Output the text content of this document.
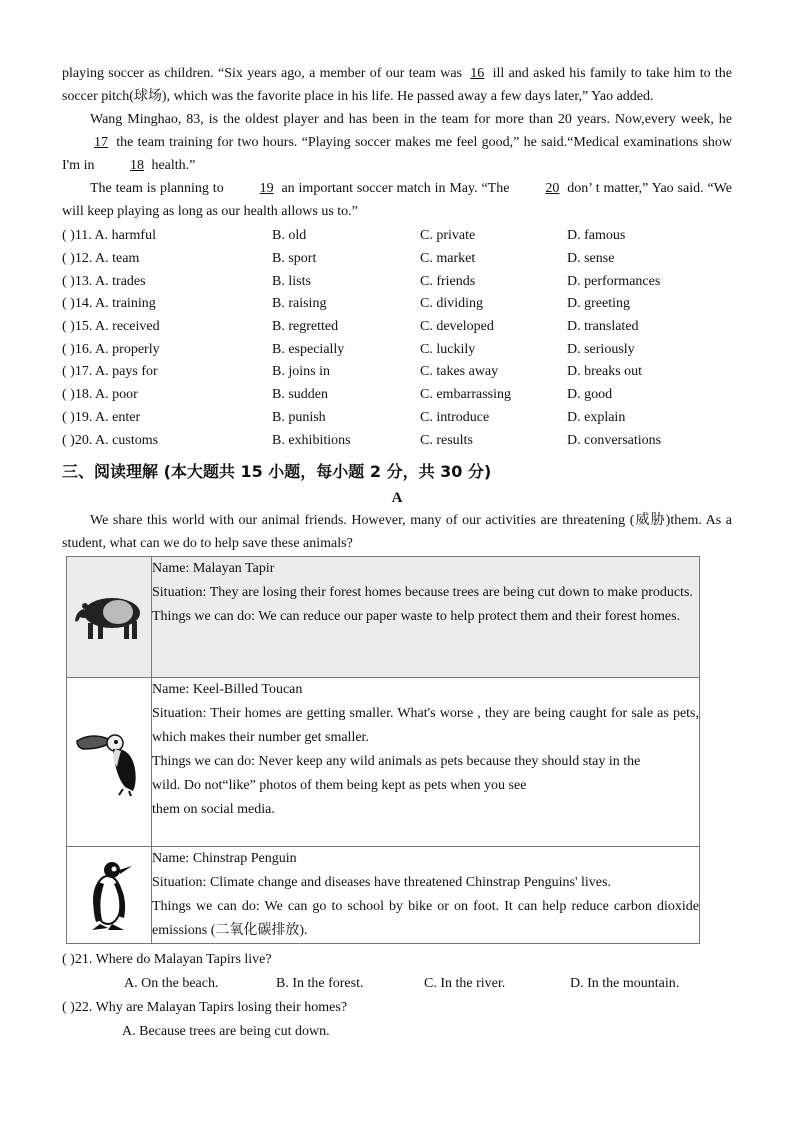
playing soccer as children. “Six years ago, a member of our team was 16 ill and asked his family to take him to the soccer pitch(球场), which was the favorite place in his life. He passed away a few days later,” Yao added.

Wang Minghao, 83, is the oldest player and has been in the team for more than 20 years. Now,every week, he 17 the team training for two hours. “Playing soccer makes me feel good,” he said.“Medical examinations show I'm in 18 health.”

The team is planning to 19 an important soccer match in May. “The 20 don’ t matter,” Yao said. “We will keep playing as long as our health allows us to.”

( )11. A. harmful	B. old	C. private	D. famous
( )12. A. team	B. sport	C. market	D. sense
( )13. A. trades	B. lists	C. friends	D. performances
( )14. A. training	B. raising	C. dividing	D. greeting
( )15. A. received	B. regretted	C. developed	D. translated
( )16. A. properly	B. especially	C. luckily	D. seriously
( )17. A. pays for	B. joins in	C. takes away	D. breaks out
( )18. A. poor	B. sudden	C. embarrassing	D. good
( )19. A. enter	B. punish	C. introduce	D. explain
( )20. A. customs	B. exhibitions	C. results	D. conversations
三、阅读理解 (本大题共 15 小题，每小题 2 分，共 30 分)
A

We share this world with our animal friends. However, many of our activities are threatening (威胁)them. As a student, what can we do to help save these animals?

Name: Malayan Tapir

Situation: They are losing their forest homes because trees are being cut down to make products.

Things we can do: We can reduce our paper waste to help protect them and their forest homes.

Name: Keel-Billed Toucan

Situation: Their homes are getting smaller. What's worse , they are being caught for sale as pets, which makes their number get smaller.

Things we can do: Never keep any wild animals as pets because they should stay in the

wild. Do not“like” photos of them being kept as pets when you see

them on social media.

Name: Chinstrap Penguin

Situation: Climate change and diseases have threatened Chinstrap Penguins' lives.

Things we can do: We can go to school by bike or on foot. It can help reduce carbon dioxide emissions (二氧化碳排放).

( )21. Where do Malayan Tapirs live?

A. On the beach.	B. In the forest.	C. In the river.	D. In the mountain.

( )22. Why are Malayan Tapirs losing their homes?

A. Because trees are being cut down.
